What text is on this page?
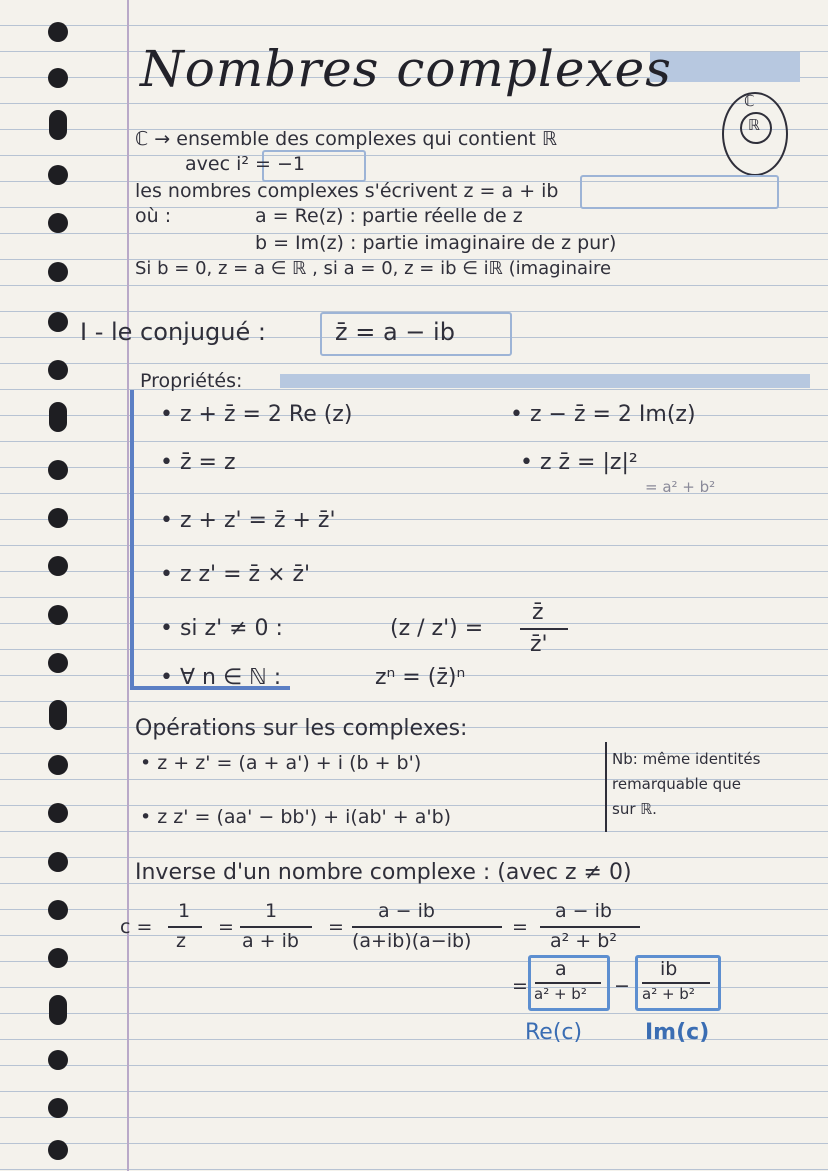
Nombres complexes
ℂ → ensemble des complexes qui contient ℝ
ℂ
ℝ
avec i² = −1
les nombres complexes s'écrivent z = a + ib
où :	a = Re(z) : partie réelle de z
b = Im(z) : partie imaginaire de z pur)
Si b = 0, z = a ∈ ℝ , si a = 0, z = ib ∈ iℝ (imaginaire
I - le conjugué :	z̄ = a − ib
Propriétés:
• z + z̄ = 2 Re (z)	• z − z̄ = 2 Im(z)
• z̄̄ = z	• z z̄ = |z|²
= a² + b²
• z + z' = z̄ + z̄'
• z z' = z̄ × z̄'
• si z' ≠ 0 :	(z / z') =
z̄
z̄'
• ∀ n ∈ ℕ :	zⁿ = (z̄)ⁿ
Opérations sur les complexes:
• z + z' = (a + a') + i (b + b')
• z z' = (aa' − bb') + i(ab' + a'b)
Nb: même identités
remarquable que
sur ℝ.
Inverse d'un nombre complexe : (avec z ≠ 0)
c =
1
z
=
1
a + ib
=
a − ib
(a+ib)(a−ib)
=
a − ib
a² + b²
=
a
a² + b² −
ib
a² + b²
Re(c)	Im(c)
